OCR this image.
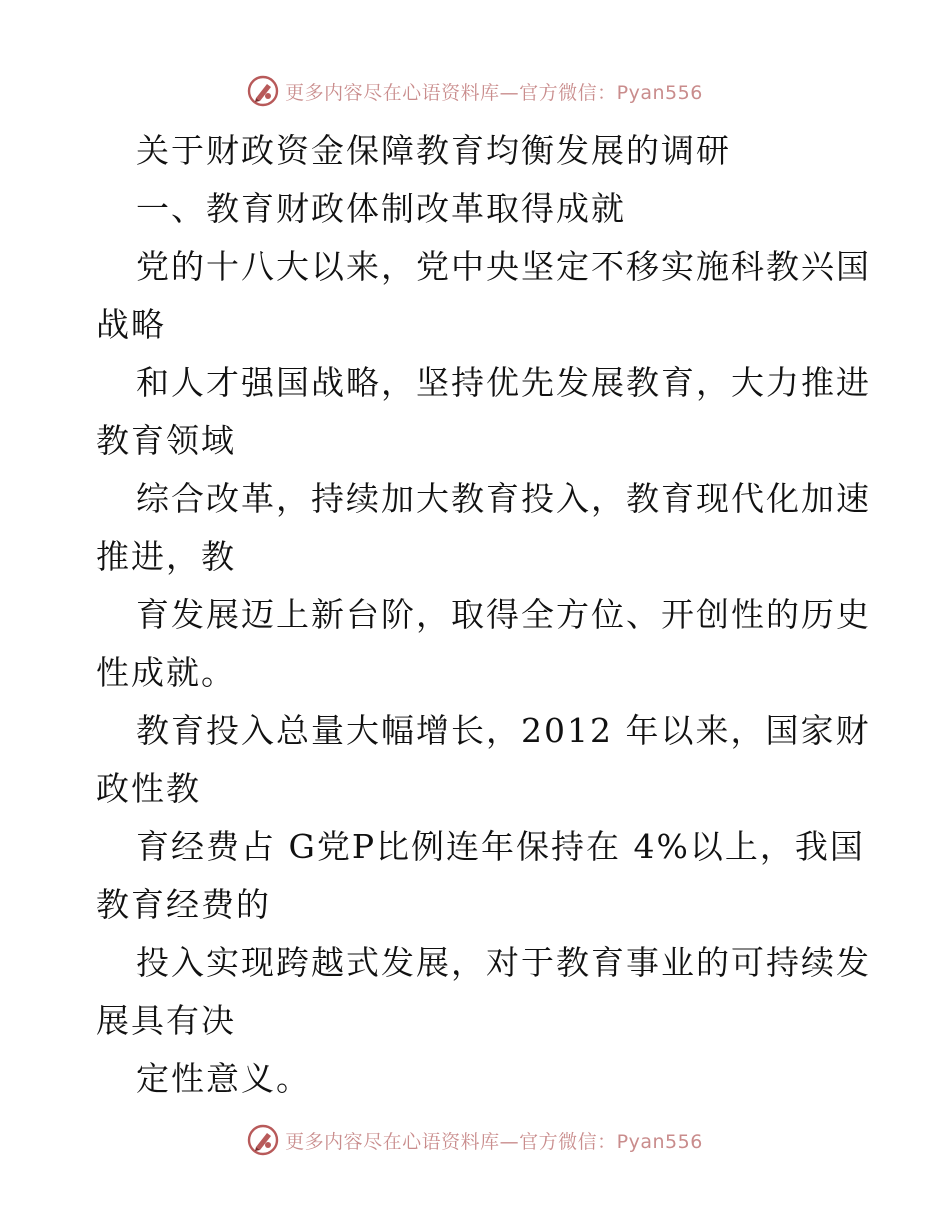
更多内容尽在心语资料库—官方微信：Pyan556
关于财政资金保障教育均衡发展的调研
一、教育财政体制改革取得成就
党的十八大以来，党中央坚定不移实施科教兴国
战略
和人才强国战略，坚持优先发展教育，大力推进
教育领域
综合改革，持续加大教育投入，教育现代化加速
推进，教
育发展迈上新台阶，取得全方位、开创性的历史
性成就。
教育投入总量大幅增长，2012 年以来，国家财
政性教
育经费占 G党P比例连年保持在 4%以上，我国
教育经费的
投入实现跨越式发展，对于教育事业的可持续发
展具有决
定性意义。
更多内容尽在心语资料库—官方微信：Pyan556
